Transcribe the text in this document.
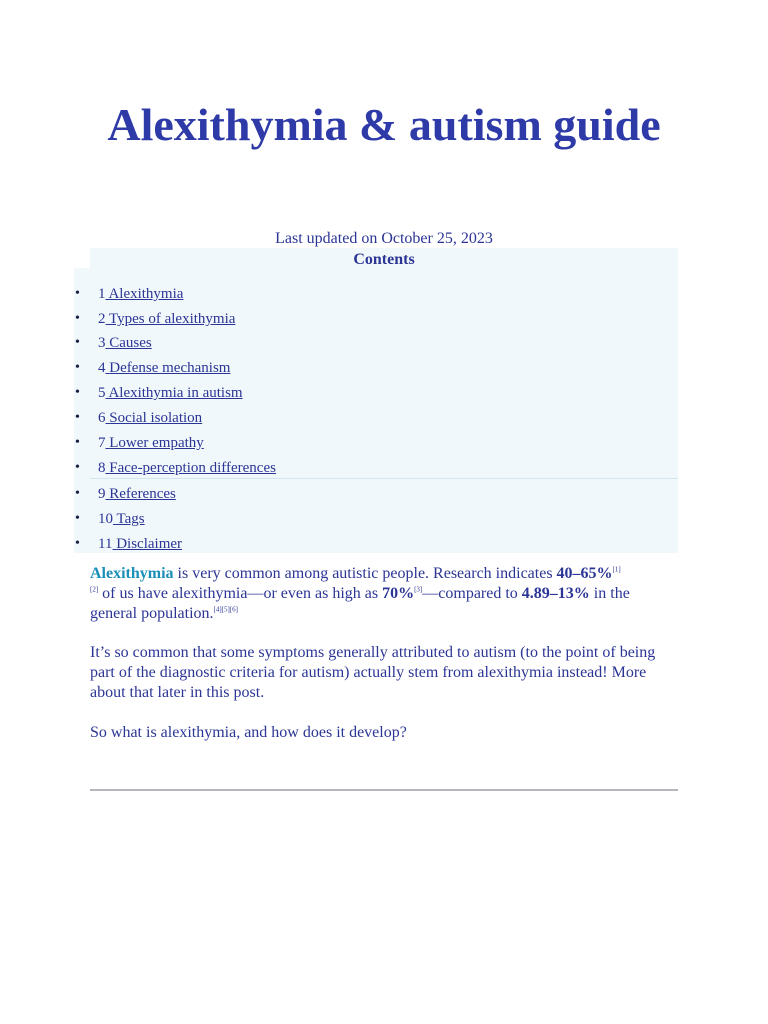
Alexithymia & autism guide
Last updated on October 25, 2023
Contents
• 1 Alexithymia
• 2 Types of alexithymia
• 3 Causes
• 4 Defense mechanism
• 5 Alexithymia in autism
• 6 Social isolation
• 7 Lower empathy
• 8 Face-perception differences
• 9 References
• 10 Tags
• 11 Disclaimer

Alexithymia is very common among autistic people. Research indicates 40–65%[1]
[2] of us have alexithymia—or even as high as 70%[3]—compared to 4.89–13% in the general population.[4][5][6]

It’s so common that some symptoms generally attributed to autism (to the point of being part of the diagnostic criteria for autism) actually stem from alexithymia instead! More about that later in this post.

So what is alexithymia, and how does it develop?
